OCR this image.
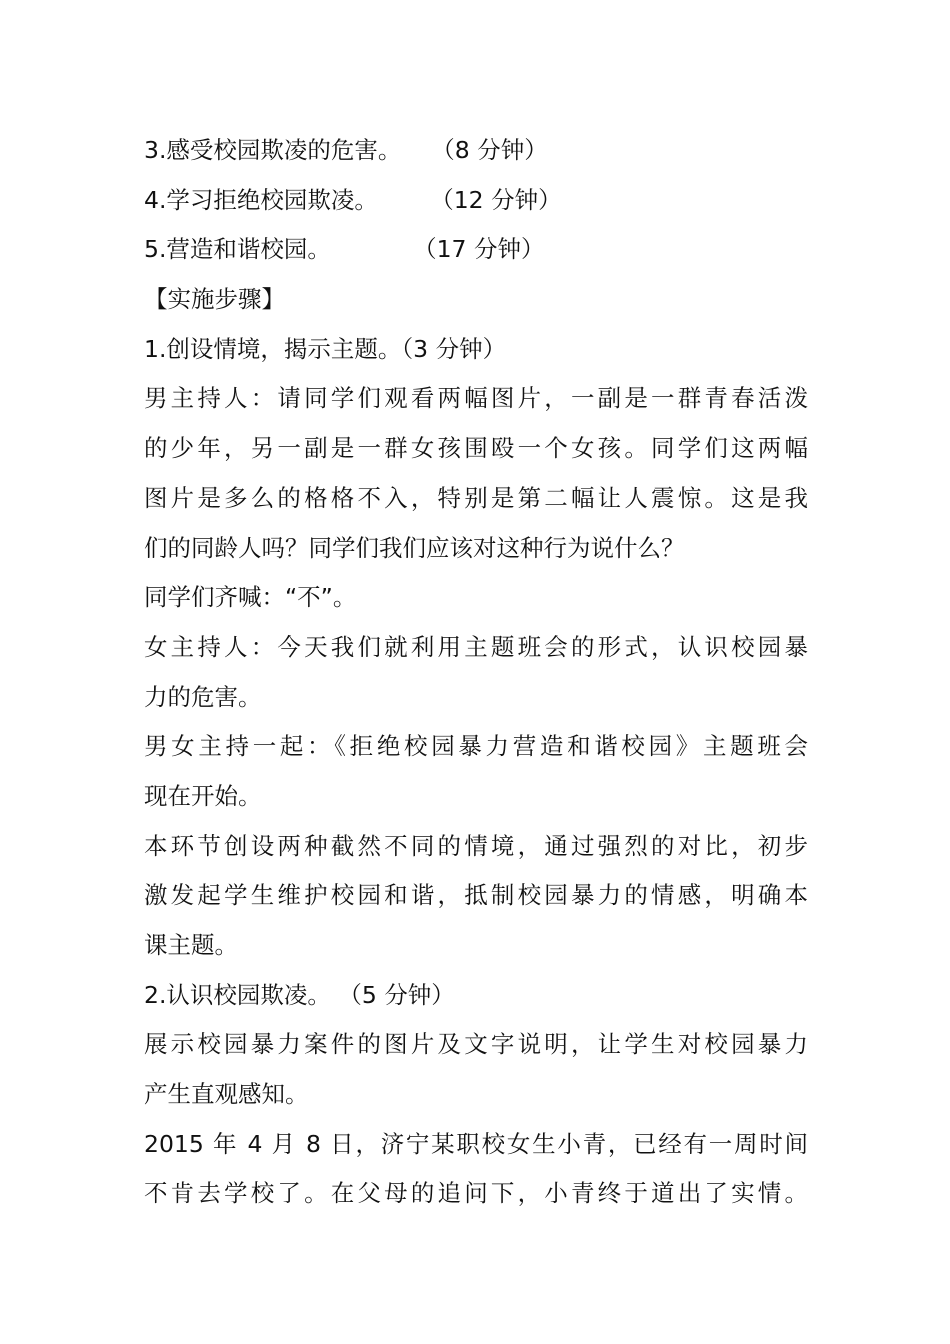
3.感受校园欺凌的危害。    （8 分钟）
4.学习拒绝校园欺凌。       （12 分钟）
5.营造和谐校园。           （17 分钟）
【实施步骤】
1.创设情境，揭示主题。（3 分钟）
男主持人：请同学们观看两幅图片，一副是一群青春活泼
的少年，另一副是一群女孩围殴一个女孩。同学们这两幅
图片是多么的格格不入，特别是第二幅让人震惊。这是我
们的同龄人吗？同学们我们应该对这种行为说什么？
同学们齐喊：“不”。
女主持人：今天我们就利用主题班会的形式，认识校园暴
力的危害。
男女主持一起：《拒绝校园暴力营造和谐校园》主题班会
现在开始。
本环节创设两种截然不同的情境，通过强烈的对比，初步
激发起学生维护校园和谐，抵制校园暴力的情感，明确本
课主题。
2.认识校园欺凌。 （5 分钟）
展示校园暴力案件的图片及文字说明，让学生对校园暴力
产生直观感知。
2015 年 4 月 8 日，济宁某职校女生小青，已经有一周时间
不肯去学校了。在父母的追问下，小青终于道出了实情。
